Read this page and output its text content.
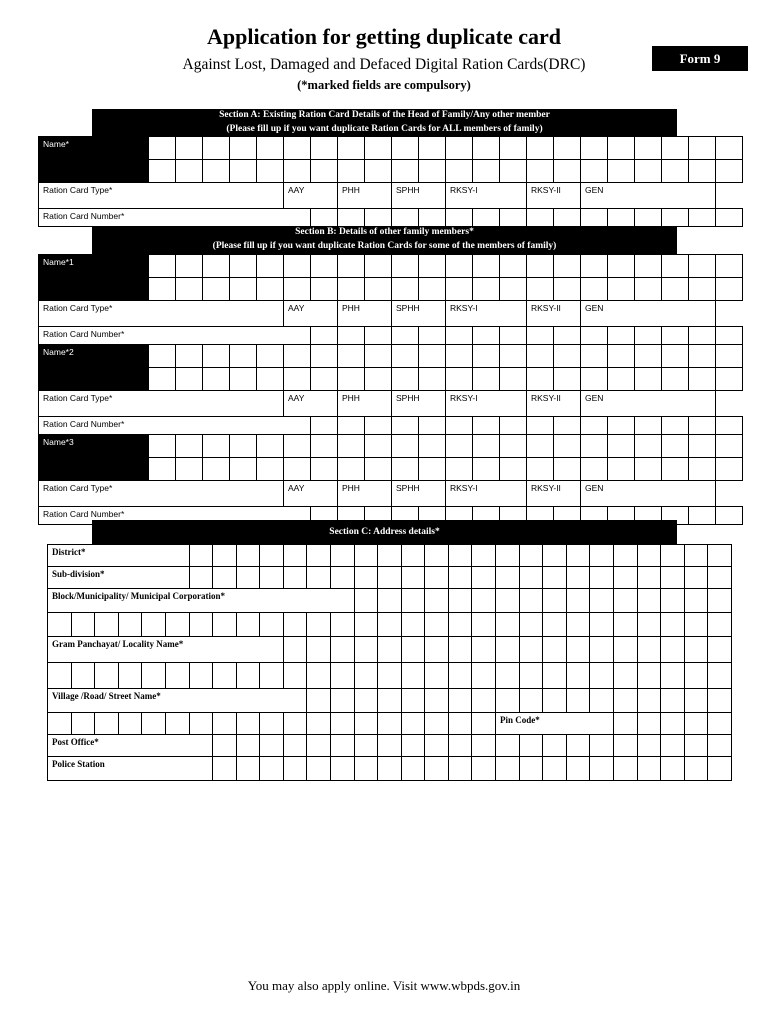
Application for getting duplicate card
Against Lost, Damaged and Defaced Digital Ration Cards(DRC)
(*marked fields are compulsory)
Form 9
Section A: Existing Ration Card Details of the Head of Family/Any other member
(Please fill up if you want duplicate Ration Cards for ALL members of family)
Name*																						

Ration Card Type*						AAY		PHH		SPHH		RKSY-I			RKSY-II		GEN					
Ration Card Number*																						
Section B: Details of other family members*
(Please fill up if you want duplicate Ration Cards for some of the members of family)
Name*1																						

Ration Card Type*						AAY		PHH		SPHH		RKSY-I			RKSY-II		GEN					
Ration Card Number*																						
Name*2																						

Ration Card Type*						AAY		PHH		SPHH		RKSY-I			RKSY-II		GEN					
Ration Card Number*																						
Name*3																						

Ration Card Type*						AAY		PHH		SPHH		RKSY-I			RKSY-II		GEN					
Ration Card Number*																						
Section C: Address details*
District*																												
Sub-division*																												
Block/Municipality/ Municipal Corporation*																												

Gram Panchayat/ Locality Name*																												

Village /Road/ Street Name*																												
																			Pin Code*									
Post Office*																												
Police Station																												
You may also apply online. Visit www.wbpds.gov.in
